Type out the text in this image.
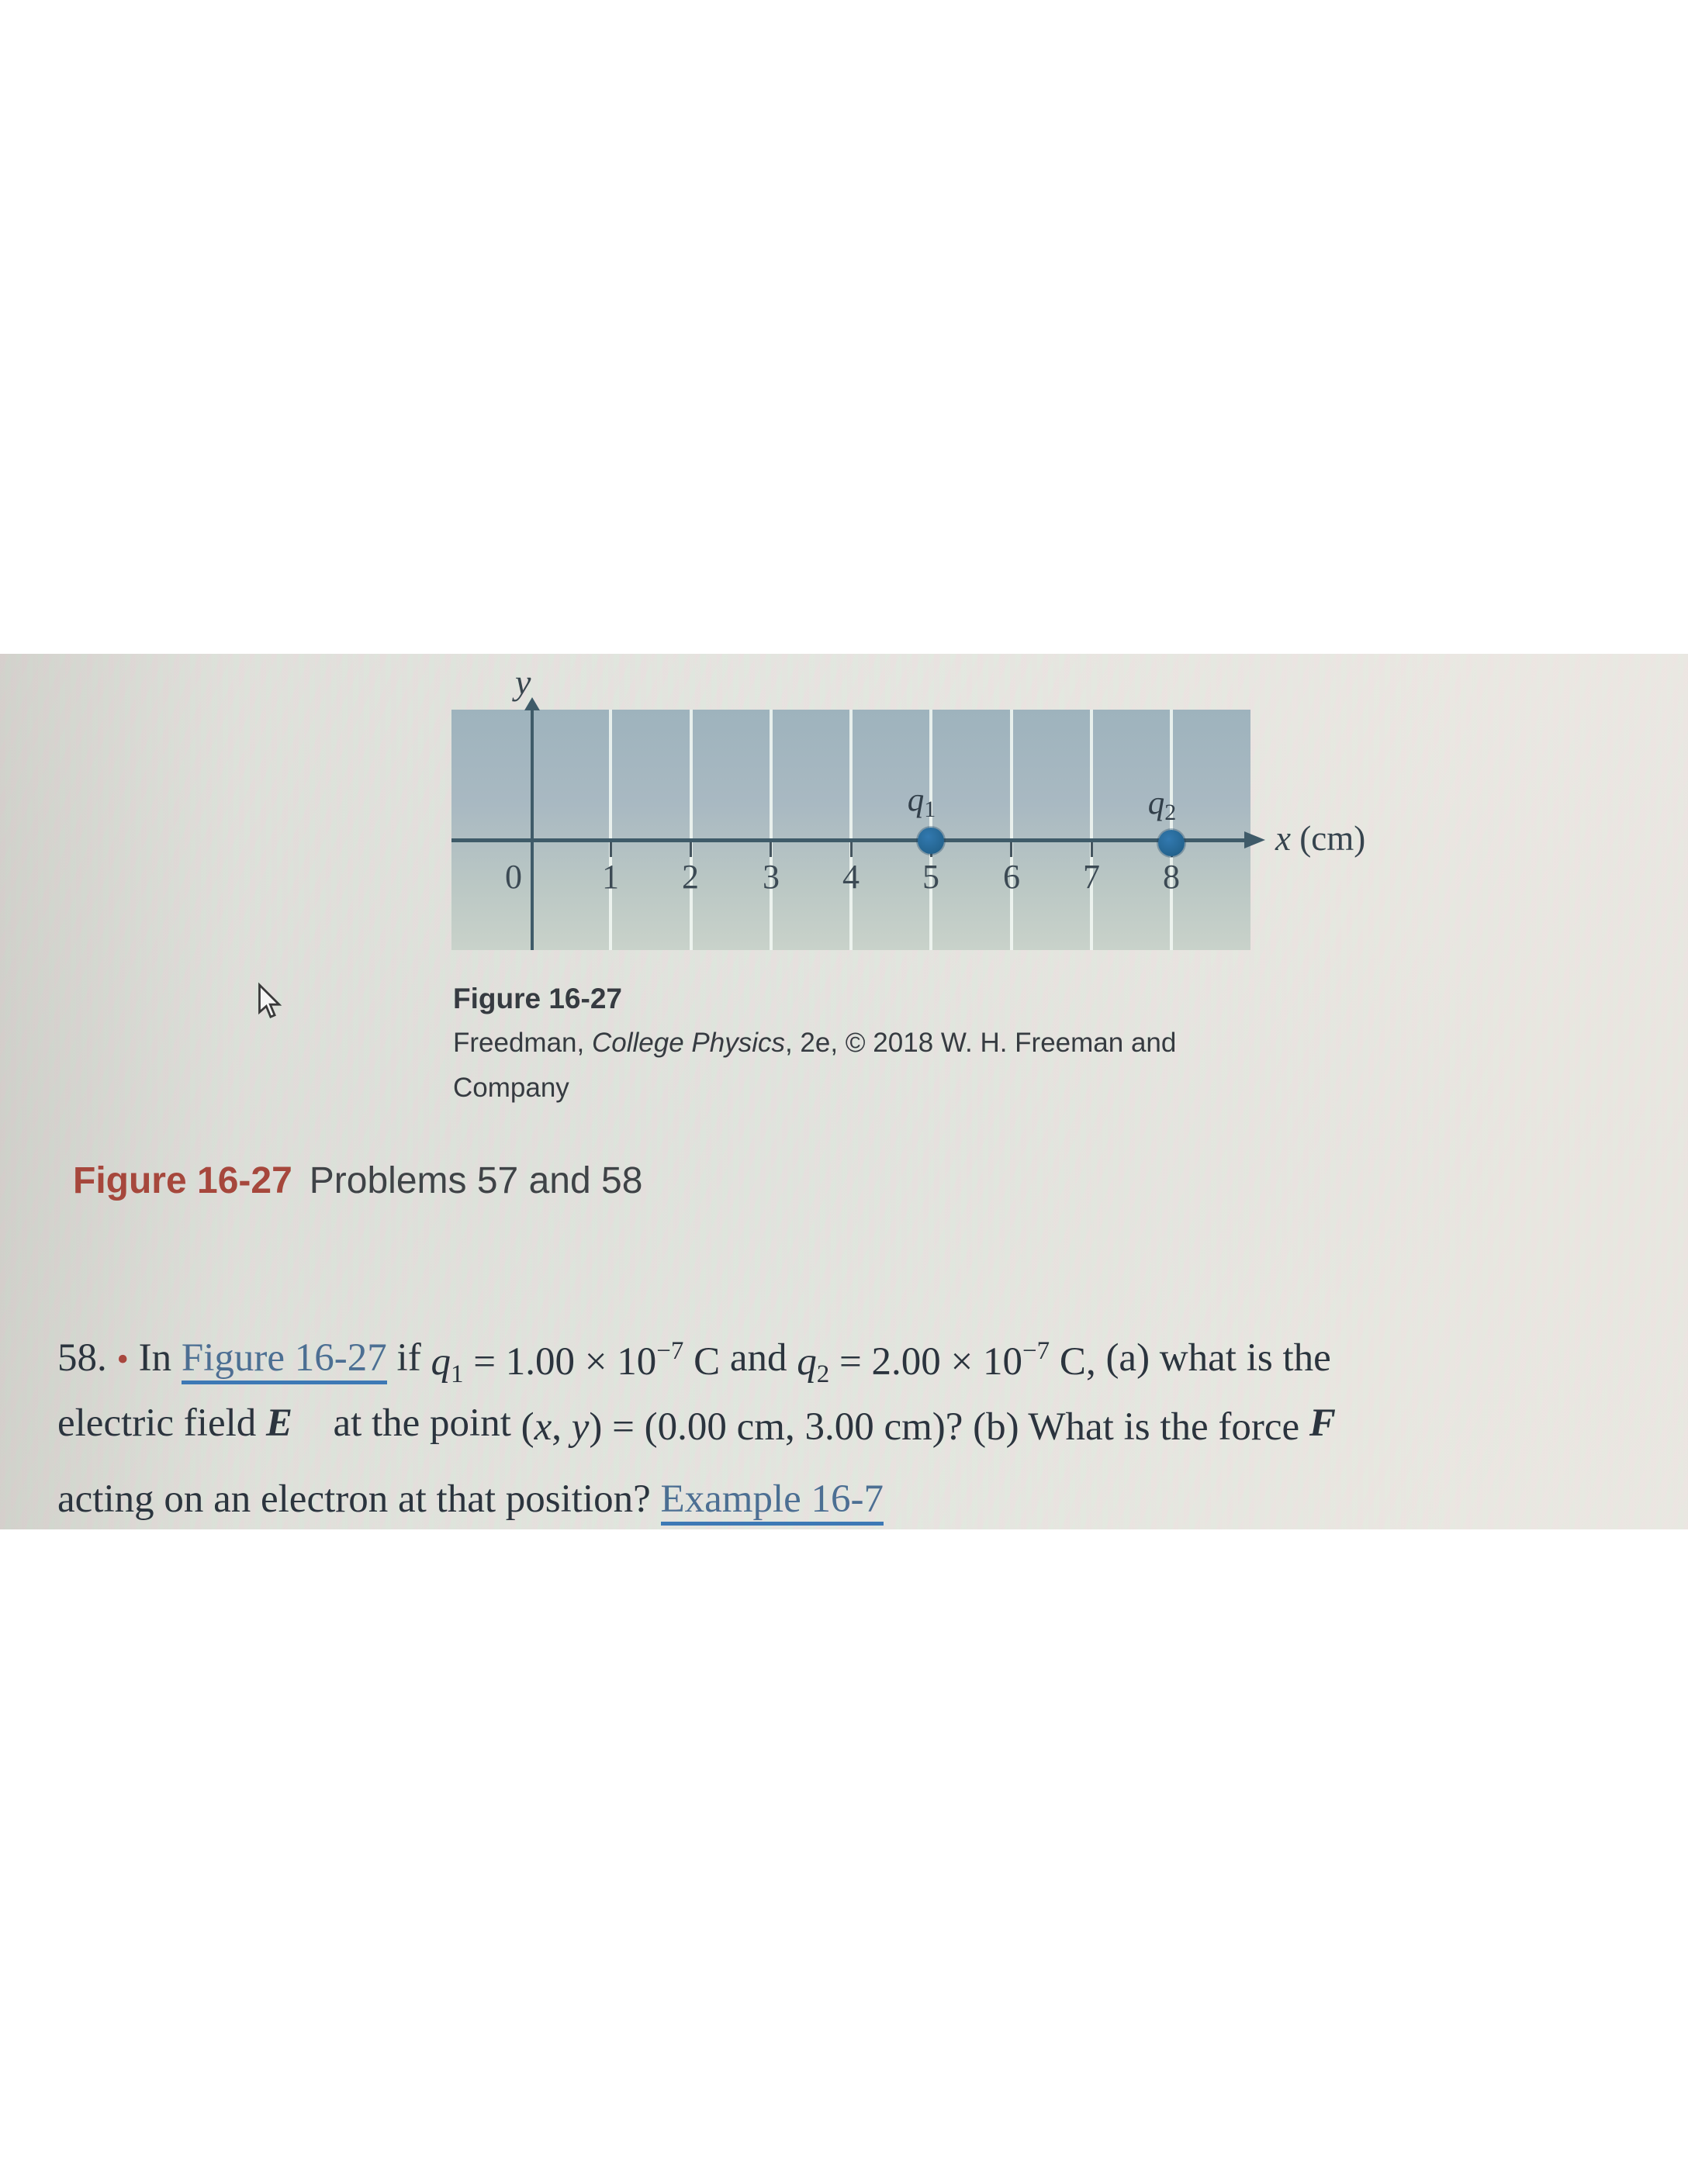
y
x (cm)
0 1 2 3 4 5 6 7 8
$q_1$	$q_2$
Figure 16-27
Freedman, College Physics, 2e, © 2018 W. H. Freeman and
Company
Figure 16-27 Problems 57 and 58
58. • In Figure 16-27 if $q_1 = 1.00 \times 10^{-7}$ C and $q_2 = 2.00 \times 10^{-7}$ C, (a) what is the
electric field E⃗ at the point (x, y) = (0.00 cm, 3.00 cm)? (b) What is the force F⃗
acting on an electron at that position? Example 16-7
